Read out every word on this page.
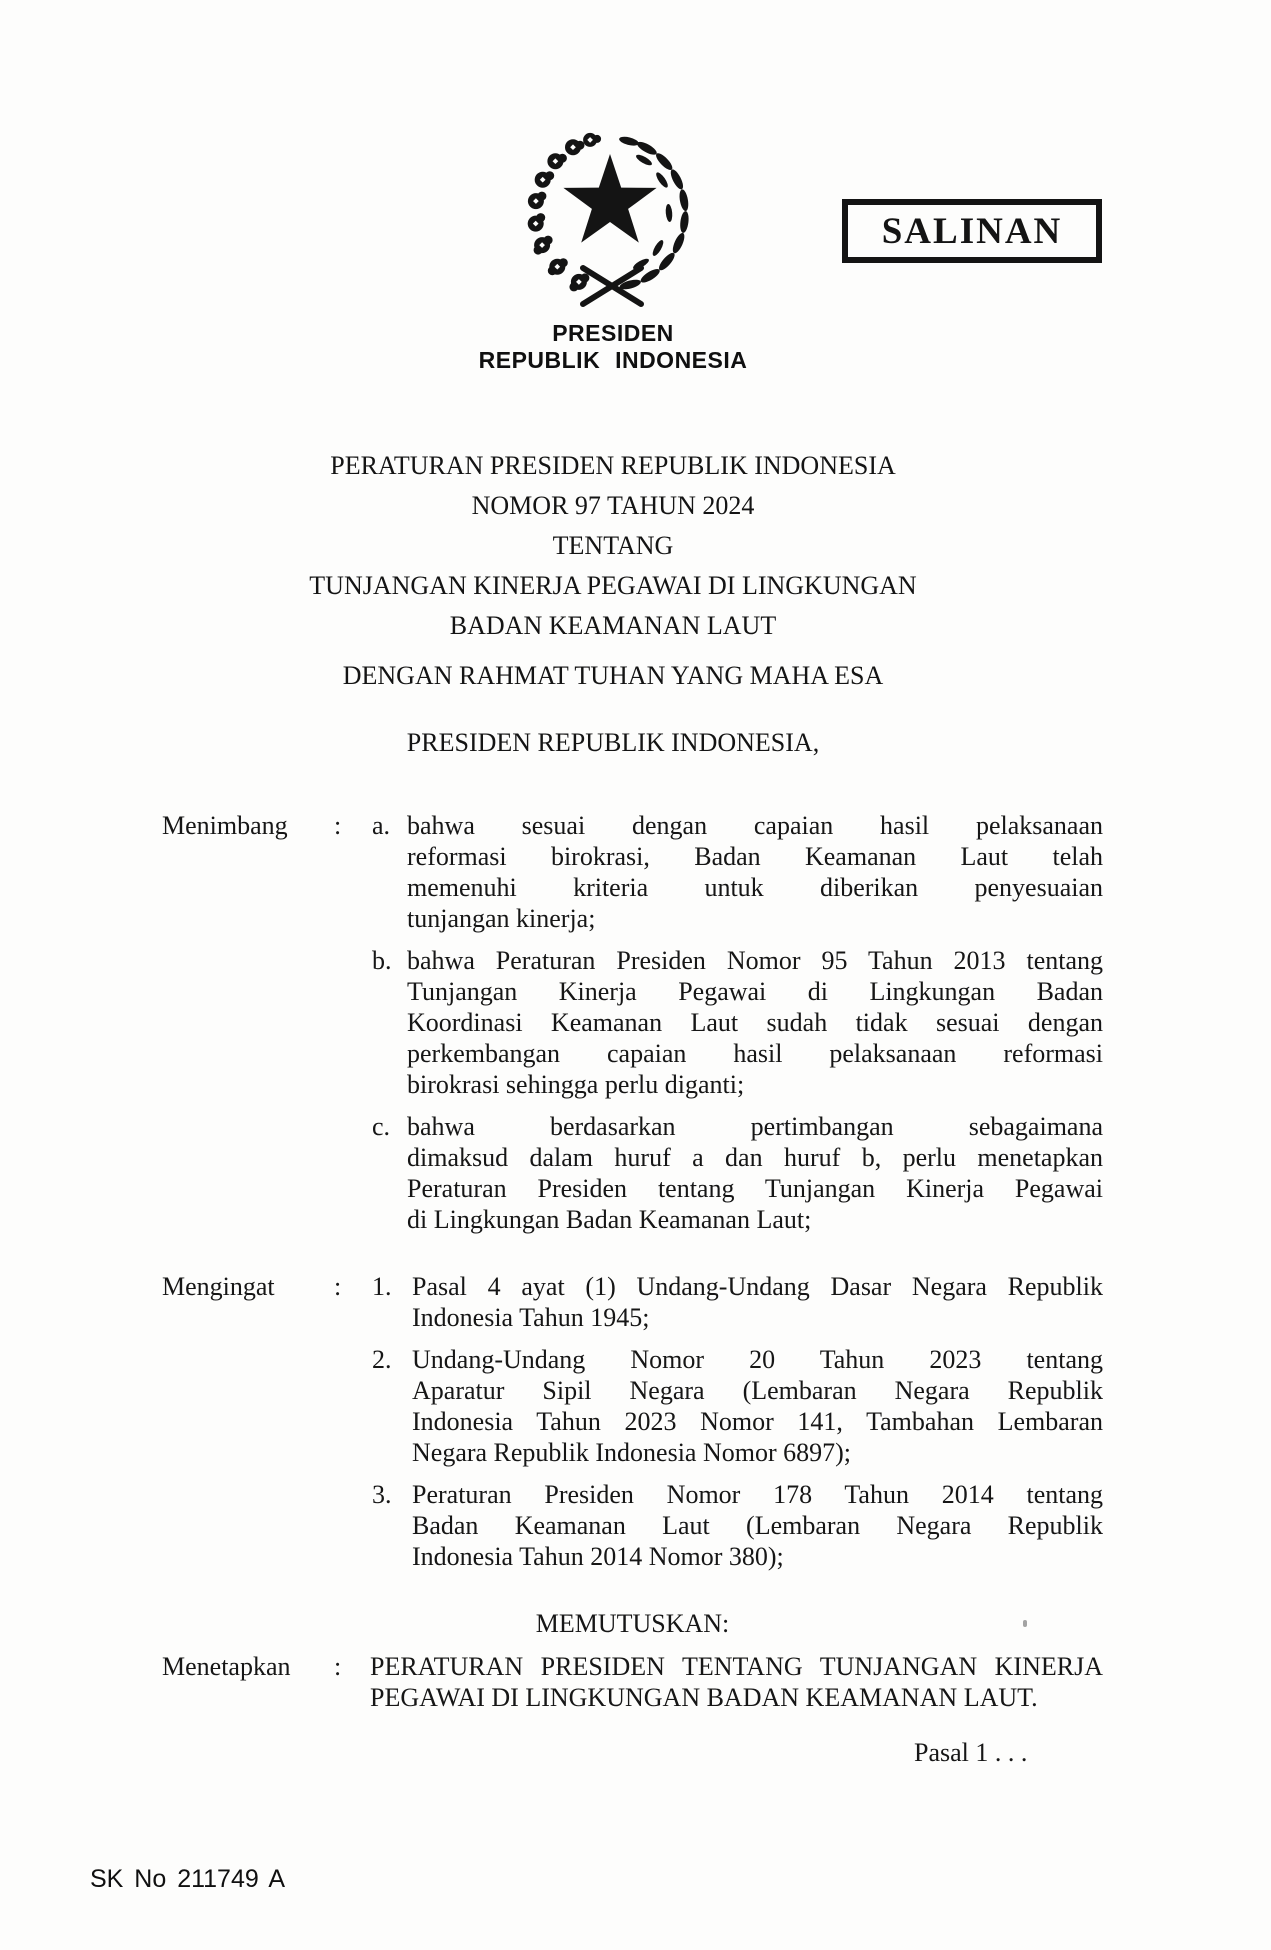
PRESIDEN
REPUBLIK INDONESIA
SALINAN
PERATURAN PRESIDEN REPUBLIK INDONESIA
NOMOR 97 TAHUN 2024
TENTANG
TUNJANGAN KINERJA PEGAWAI DI LINGKUNGAN
BADAN KEAMANAN LAUT
DENGAN RAHMAT TUHAN YANG MAHA ESA
PRESIDEN REPUBLIK INDONESIA,
Menimbang : a. bahwa sesuai dengan capaian hasil pelaksanaan
reformasi birokrasi, Badan Keamanan Laut telah
memenuhi kriteria untuk diberikan penyesuaian
tunjangan kinerja;
b. bahwa Peraturan Presiden Nomor 95 Tahun 2013 tentang
Tunjangan Kinerja Pegawai di Lingkungan Badan
Koordinasi Keamanan Laut sudah tidak sesuai dengan
perkembangan capaian hasil pelaksanaan reformasi
birokrasi sehingga perlu diganti;
c. bahwa berdasarkan pertimbangan sebagaimana
dimaksud dalam huruf a dan huruf b, perlu menetapkan
Peraturan Presiden tentang Tunjangan Kinerja Pegawai
di Lingkungan Badan Keamanan Laut;
Mengingat : 1. Pasal 4 ayat (1) Undang-Undang Dasar Negara Republik
Indonesia Tahun 1945;
2. Undang-Undang Nomor 20 Tahun 2023 tentang
Aparatur Sipil Negara (Lembaran Negara Republik
Indonesia Tahun 2023 Nomor 141, Tambahan Lembaran
Negara Republik Indonesia Nomor 6897);
3. Peraturan Presiden Nomor 178 Tahun 2014 tentang
Badan Keamanan Laut (Lembaran Negara Republik
Indonesia Tahun 2014 Nomor 380);
MEMUTUSKAN:
Menetapkan : PERATURAN PRESIDEN TENTANG TUNJANGAN KINERJA
PEGAWAI DI LINGKUNGAN BADAN KEAMANAN LAUT.
Pasal 1 . . .
SK No 211749 A
